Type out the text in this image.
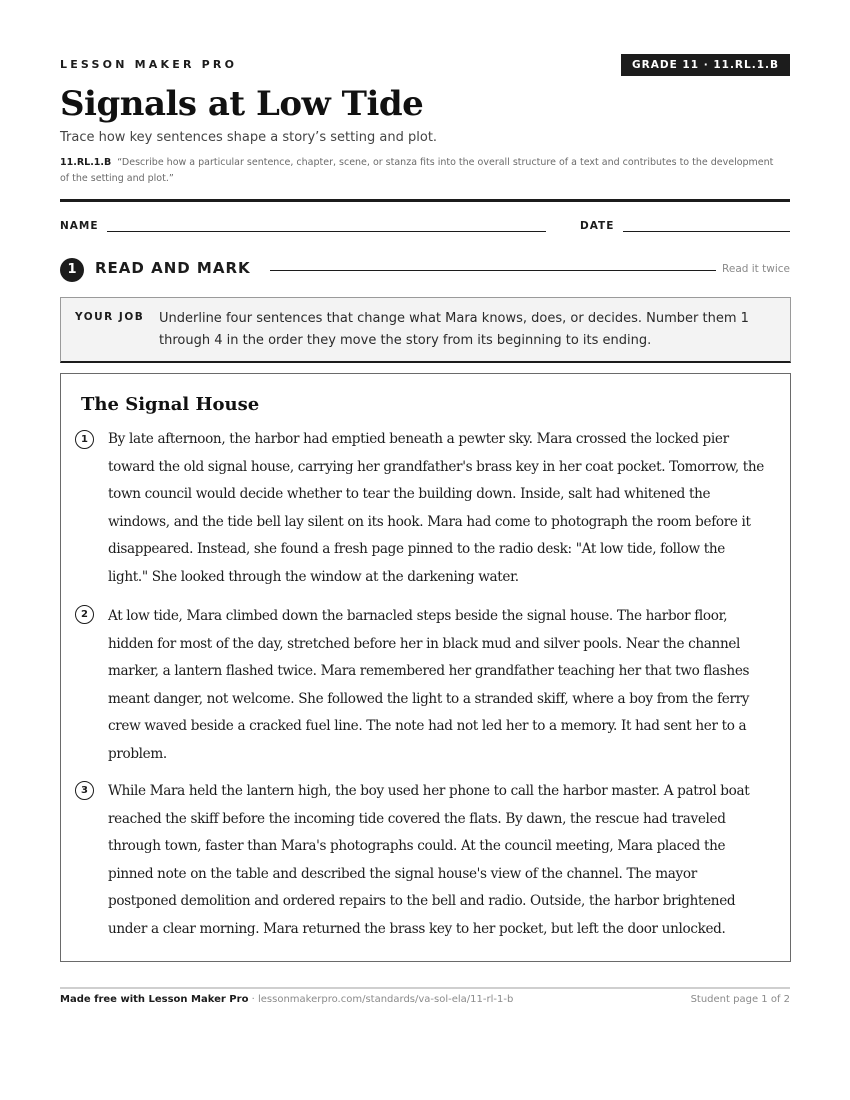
LESSON MAKER PRO	GRADE 11 · 11.RL.1.B
Signals at Low Tide
Trace how key sentences shape a story’s setting and plot.
11.RL.1.B “Describe how a particular sentence, chapter, scene, or stanza fits into the overall structure of a text and contributes to the development of the setting and plot.”
NAME	DATE
1	READ AND MARK	Read it twice
YOUR JOB Underline four sentences that change what Mara knows, does, or decides. Number them 1 through 4 in the order they move the story from its beginning to its ending.
The Signal House
1	By late afternoon, the harbor had emptied beneath a pewter sky. Mara crossed the locked pier toward the old signal house, carrying her grandfather's brass key in her coat pocket. Tomorrow, the town council would decide whether to tear the building down. Inside, salt had whitened the windows, and the tide bell lay silent on its hook. Mara had come to photograph the room before it disappeared. Instead, she found a fresh page pinned to the radio desk: "At low tide, follow the light." She looked through the window at the darkening water.
2	At low tide, Mara climbed down the barnacled steps beside the signal house. The harbor floor, hidden for most of the day, stretched before her in black mud and silver pools. Near the channel marker, a lantern flashed twice. Mara remembered her grandfather teaching her that two flashes meant danger, not welcome. She followed the light to a stranded skiff, where a boy from the ferry crew waved beside a cracked fuel line. The note had not led her to a memory. It had sent her to a problem.
3	While Mara held the lantern high, the boy used her phone to call the harbor master. A patrol boat reached the skiff before the incoming tide covered the flats. By dawn, the rescue had traveled through town, faster than Mara's photographs could. At the council meeting, Mara placed the pinned note on the table and described the signal house's view of the channel. The mayor postponed demolition and ordered repairs to the bell and radio. Outside, the harbor brightened under a clear morning. Mara returned the brass key to her pocket, but left the door unlocked.
Made free with Lesson Maker Pro · lessonmakerpro.com/standards/va-sol-ela/11-rl-1-b	Student page 1 of 2
